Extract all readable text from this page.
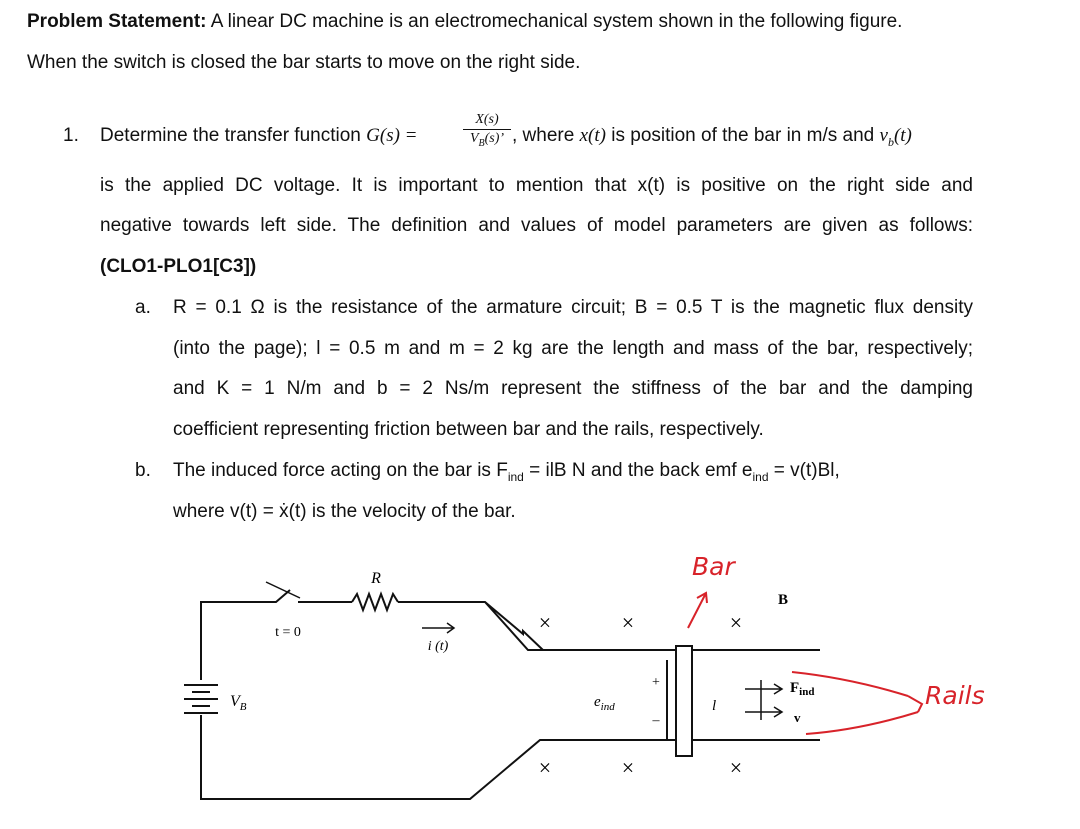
Problem Statement: A linear DC machine is an electromechanical system shown in the following figure.
When the switch is closed the bar starts to move on the right side.
1. Determine the transfer function G(s) =	$\frac{X(s)}{V_B(s)’}$ , where x(t) is position of the bar in m/s and $v_b(t)$
is the applied DC voltage. It is important to mention that x(t) is positive on the right side and
negative towards left side. The definition and values of model parameters are given as follows:
(CLO1-PLO1[C3])
a. R = 0.1 Ω is the resistance of the armature circuit; B = 0.5 T is the magnetic flux density
(into the page); l = 0.5 m and m = 2 kg are the length and mass of the bar, respectively;
and K = 1 N/m and b = 2 Ns/m represent the stiffness of the bar and the damping
coefficient representing friction between bar and the rails, respectively.
b. The induced force acting on the bar is $F_{ind}$ = ilB N and the back emf $e_{ind} = v(t)Bl$,
where v(t) = ẋ(t) is the velocity of the bar.
R
t = 0
i (t)
$V_B$	$e_{ind}$
+
–
l
B
$F_{ind}$
v
×	×	×
×	×	×
Bar
Rails
